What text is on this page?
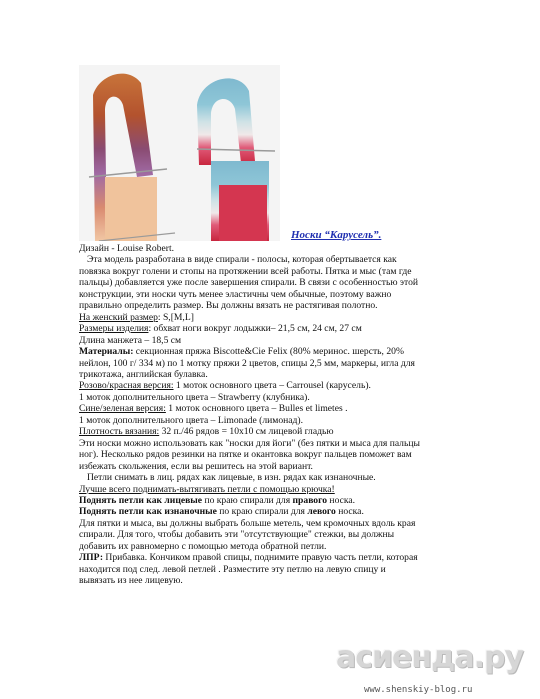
Носки “Карусель”.

Дизайн - Louise Robert.

Эта модель разработана в виде спирали - полосы, которая обертывается как

повязка вокруг голени и стопы на протяжении всей работы. Пятка и мыс (там где

пальцы) добавляется уже после завершения спирали. В связи с особенностью этой

конструкции, эти носки чуть менее эластичны чем обычные, поэтому важно

правильно определить размер. Вы должны вязать не растягивая полотно.

На женский размер: S,[M,L]

Размеры изделия: обхват ноги вокруг лодыжки– 21,5 см, 24 см, 27 см

Длина манжета – 18,5 см

Материалы: секционная пряжа Biscotte&Cie Felix (80% мериноc. шерсть, 20%

нейлон, 100 г/ 334 м) по 1 мотку пряжи 2 цветов, спицы 2,5 мм, маркеры, игла для

трикотажа, английская булавка.

Розово/красная версия: 1 моток основного цвета – Carrousel (карусель).

1 моток дополнительного цвета – Strawberry (клубника).

Сине/зеленая версия: 1 моток основного цвета – Bulles et limetes .

1 моток дополнительного цвета – Limonade (лимонад).

Плотность вязания: 32 п./46 рядов = 10х10 см лицевой гладью

Эти носки можно использовать как "носки для йоги" (без пятки и мыса для пальцы

ног). Несколько рядов резинки на пятке и окантовка вокруг пальцев поможет вам

избежать скольжения, если вы решитесь на этой вариант.

Петли снимать в лиц. рядах как лицевые, в изн. рядах как изнаночные.

Лучше всего поднимать-вытягивать петли с помощью крючка!

Поднять петли как лицевые по краю спирали для правого носка.

Поднять петли как изнаночные по краю спирали для левого носка.

Для пятки и мыса, вы должны выбрать больше метель, чем кромочных вдоль края

спирали. Для того, чтобы добавить эти "отсутствующие" стежки, вы должны

добавить их равномерно с помощью метода обратной петли.

ЛПР: Прибавка. Кончиком правой спицы, поднимите правую часть петли, которая

находится под след. левой петлей . Разместите эту петлю на левую спицу и

вывязать из нее лицевую.

асиенда.ру
www.shenskiy-blog.ru
